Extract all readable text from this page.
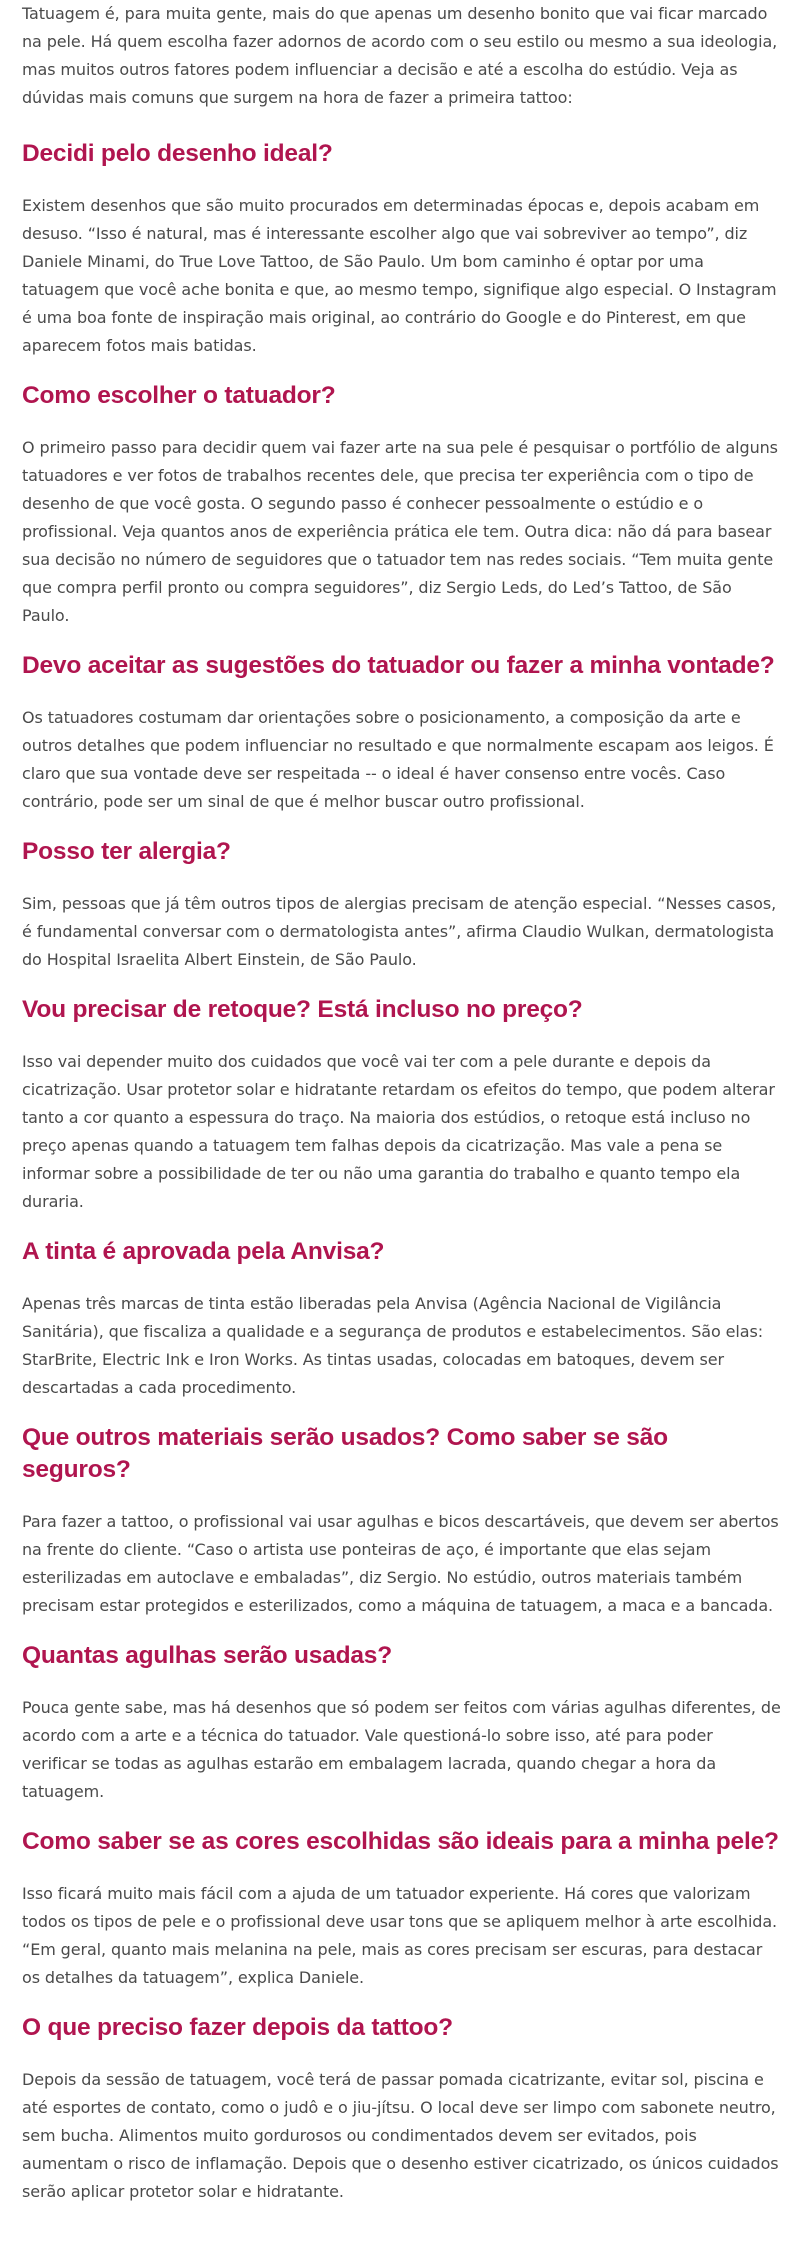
Tatuagem é, para muita gente, mais do que apenas um desenho bonito que vai ficar marcado na pele. Há quem escolha fazer adornos de acordo com o seu estilo ou mesmo a sua ideologia, mas muitos outros fatores podem influenciar a decisão e até a escolha do estúdio. Veja as dúvidas mais comuns que surgem na hora de fazer a primeira tattoo:

Decidi pelo desenho ideal?

Existem desenhos que são muito procurados em determinadas épocas e, depois acabam em desuso. “Isso é natural, mas é interessante escolher algo que vai sobreviver ao tempo”, diz Daniele Minami, do True Love Tattoo, de São Paulo. Um bom caminho é optar por uma tatuagem que você ache bonita e que, ao mesmo tempo, signifique algo especial. O Instagram é uma boa fonte de inspiração mais original, ao contrário do Google e do Pinterest, em que aparecem fotos mais batidas.

Como escolher o tatuador?

O primeiro passo para decidir quem vai fazer arte na sua pele é pesquisar o portfólio de alguns tatuadores e ver fotos de trabalhos recentes dele, que precisa ter experiência com o tipo de desenho de que você gosta. O segundo passo é conhecer pessoalmente o estúdio e o profissional. Veja quantos anos de experiência prática ele tem. Outra dica: não dá para basear sua decisão no número de seguidores que o tatuador tem nas redes sociais. “Tem muita gente que compra perfil pronto ou compra seguidores”, diz Sergio Leds, do Led’s Tattoo, de São Paulo.

Devo aceitar as sugestões do tatuador ou fazer a minha vontade?

Os tatuadores costumam dar orientações sobre o posicionamento, a composição da arte e outros detalhes que podem influenciar no resultado e que normalmente escapam aos leigos. É claro que sua vontade deve ser respeitada -- o ideal é haver consenso entre vocês. Caso contrário, pode ser um sinal de que é melhor buscar outro profissional.

Posso ter alergia?

Sim, pessoas que já têm outros tipos de alergias precisam de atenção especial. “Nesses casos, é fundamental conversar com o dermatologista antes”, afirma Claudio Wulkan, dermatologista do Hospital Israelita Albert Einstein, de São Paulo.

Vou precisar de retoque? Está incluso no preço?

Isso vai depender muito dos cuidados que você vai ter com a pele durante e depois da cicatrização. Usar protetor solar e hidratante retardam os efeitos do tempo, que podem alterar tanto a cor quanto a espessura do traço. Na maioria dos estúdios, o retoque está incluso no preço apenas quando a tatuagem tem falhas depois da cicatrização. Mas vale a pena se informar sobre a possibilidade de ter ou não uma garantia do trabalho e quanto tempo ela duraria.

A tinta é aprovada pela Anvisa?

Apenas três marcas de tinta estão liberadas pela Anvisa (Agência Nacional de Vigilância Sanitária), que fiscaliza a qualidade e a segurança de produtos e estabelecimentos. São elas: StarBrite, Electric Ink e Iron Works. As tintas usadas, colocadas em batoques, devem ser descartadas a cada procedimento.

Que outros materiais serão usados? Como saber se são seguros?

Para fazer a tattoo, o profissional vai usar agulhas e bicos descartáveis, que devem ser abertos na frente do cliente. “Caso o artista use ponteiras de aço, é importante que elas sejam esterilizadas em autoclave e embaladas”, diz Sergio. No estúdio, outros materiais também precisam estar protegidos e esterilizados, como a máquina de tatuagem, a maca e a bancada.

Quantas agulhas serão usadas?

Pouca gente sabe, mas há desenhos que só podem ser feitos com várias agulhas diferentes, de acordo com a arte e a técnica do tatuador. Vale questioná-lo sobre isso, até para poder verificar se todas as agulhas estarão em embalagem lacrada, quando chegar a hora da tatuagem.

Como saber se as cores escolhidas são ideais para a minha pele?

Isso ficará muito mais fácil com a ajuda de um tatuador experiente. Há cores que valorizam todos os tipos de pele e o profissional deve usar tons que se apliquem melhor à arte escolhida. “Em geral, quanto mais melanina na pele, mais as cores precisam ser escuras, para destacar os detalhes da tatuagem”, explica Daniele.

O que preciso fazer depois da tattoo?

Depois da sessão de tatuagem, você terá de passar pomada cicatrizante, evitar sol, piscina e até esportes de contato, como o judô e o jiu-jítsu. O local deve ser limpo com sabonete neutro, sem bucha. Alimentos muito gordurosos ou condimentados devem ser evitados, pois aumentam o risco de inflamação. Depois que o desenho estiver cicatrizado, os únicos cuidados serão aplicar protetor solar e hidratante.
